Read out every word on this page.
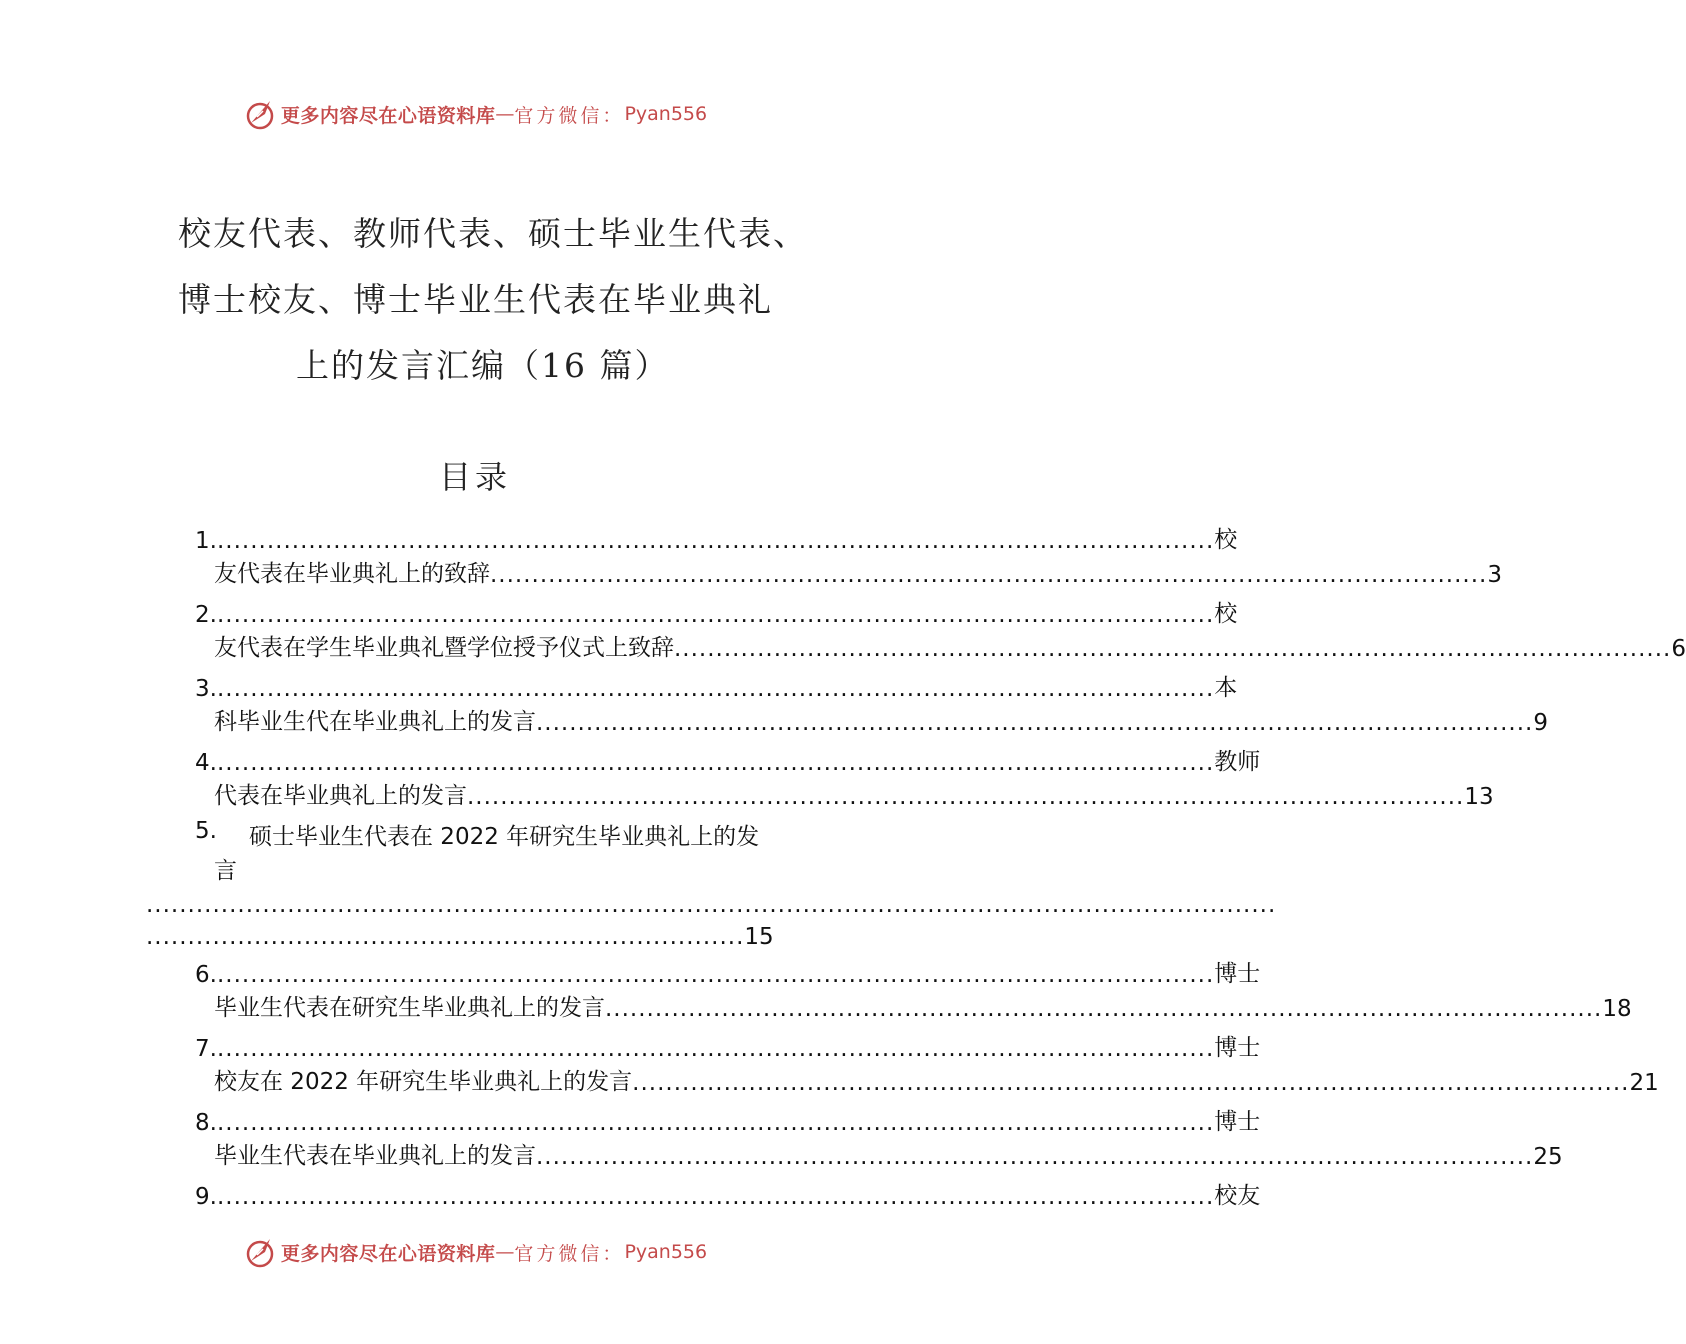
更多内容尽在心语资料库 — 官方微信： Pyan556
校友代表、教师代表、硕士毕业生代表、
博士校友、博士毕业生代表在毕业典礼
上的发言汇编（16 篇）
目录
1. ........................................................................................................................ 校
友代表在毕业典礼上的致辞 ........................................................................................................................ 3
2. ........................................................................................................................ 校
友代表在学生毕业典礼暨学位授予仪式上致辞 ........................................................................................................................ 6
3. ........................................................................................................................ 本
科毕业生代在毕业典礼上的发言 ........................................................................................................................ 9
4. ........................................................................................................................ 教师
代表在毕业典礼上的发言 ........................................................................................................................ 13
5. 硕士毕业生代表在 2022 年研究生毕业典礼上的发
言
........................................................................................................................................
........................................................................ 15
6. ........................................................................................................................ 博士
毕业生代表在研究生毕业典礼上的发言 ........................................................................................................................ 18
7. ........................................................................................................................ 博士
校友在 2022 年研究生毕业典礼上的发言 ........................................................................................................................ 21
8. ........................................................................................................................ 博士
毕业生代表在毕业典礼上的发言 ........................................................................................................................ 25
9. ........................................................................................................................ 校友
更多内容尽在心语资料库 — 官方微信： Pyan556
